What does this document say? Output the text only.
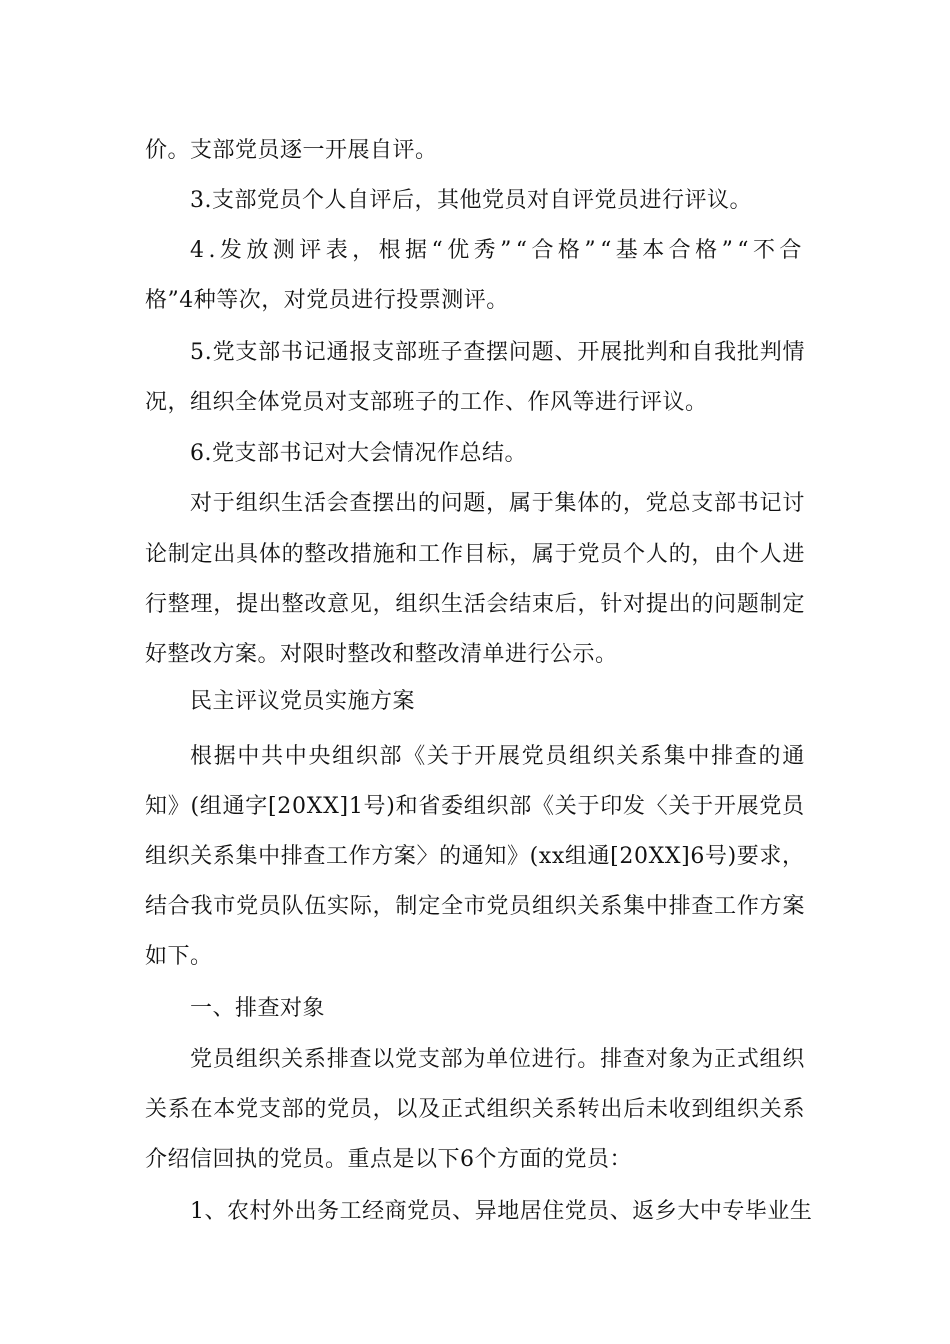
价。支部党员逐一开展自评。
3.支部党员个人自评后，其他党员对自评党员进行评议。
4 . 发 放 测 评 表 ， 根 据 “ 优 秀 ” “ 合 格 ” “ 基 本 合 格 ” “ 不 合
格”4种等次，对党员进行投票测评。
5 . 党 支 部 书 记 通 报 支 部 班 子 查 摆 问 题 、 开 展 批 判 和 自 我 批 判 情
况，组织全体党员对支部班子的工作、作风等进行评议。
6.党支部书记对大会情况作总结。
对 于 组 织 生 活 会 查 摆 出 的 问 题 ， 属 于 集 体 的 ， 党 总 支 部 书 记 讨
论 制 定 出 具 体 的 整 改 措 施 和 工 作 目 标 ， 属 于 党 员 个 人 的 ， 由 个 人 进
行 整 理 ， 提 出 整 改 意 见 ， 组 织 生 活 会 结 束 后 ， 针 对 提 出 的 问 题 制 定
好整改方案。对限时整改和整改清单进行公示。
民主评议党员实施方案
根 据 中 共 中 央 组 织 部 《 关 于 开 展 党 员 组 织 关 系 集 中 排 查 的 通
知 》 ( 组 通 字 [ 2 0 X X ] 1 号 ) 和 省 委 组 织 部 《 关 于 印 发 〈 关 于 开 展 党 员
组 织 关 系 集 中 排 查 工 作 方 案 〉 的 通 知 》 ( x x 组 通 [ 2 0 X X ] 6 号 ) 要 求 ，
结 合 我 市 党 员 队 伍 实 际 ， 制 定 全 市 党 员 组 织 关 系 集 中 排 查 工 作 方 案
如下。
一、排查对象
党 员 组 织 关 系 排 查 以 党 支 部 为 单 位 进 行 。 排 查 对 象 为 正 式 组 织
关 系 在 本 党 支 部 的 党 员 ， 以 及 正 式 组 织 关 系 转 出 后 未 收 到 组 织 关 系
介绍信回执的党员。重点是以下6个方面的党员：
1 、 农 村 外 出 务 工 经 商 党 员 、 异 地 居 住 党 员 、 返 乡 大 中 专 毕 业 生
